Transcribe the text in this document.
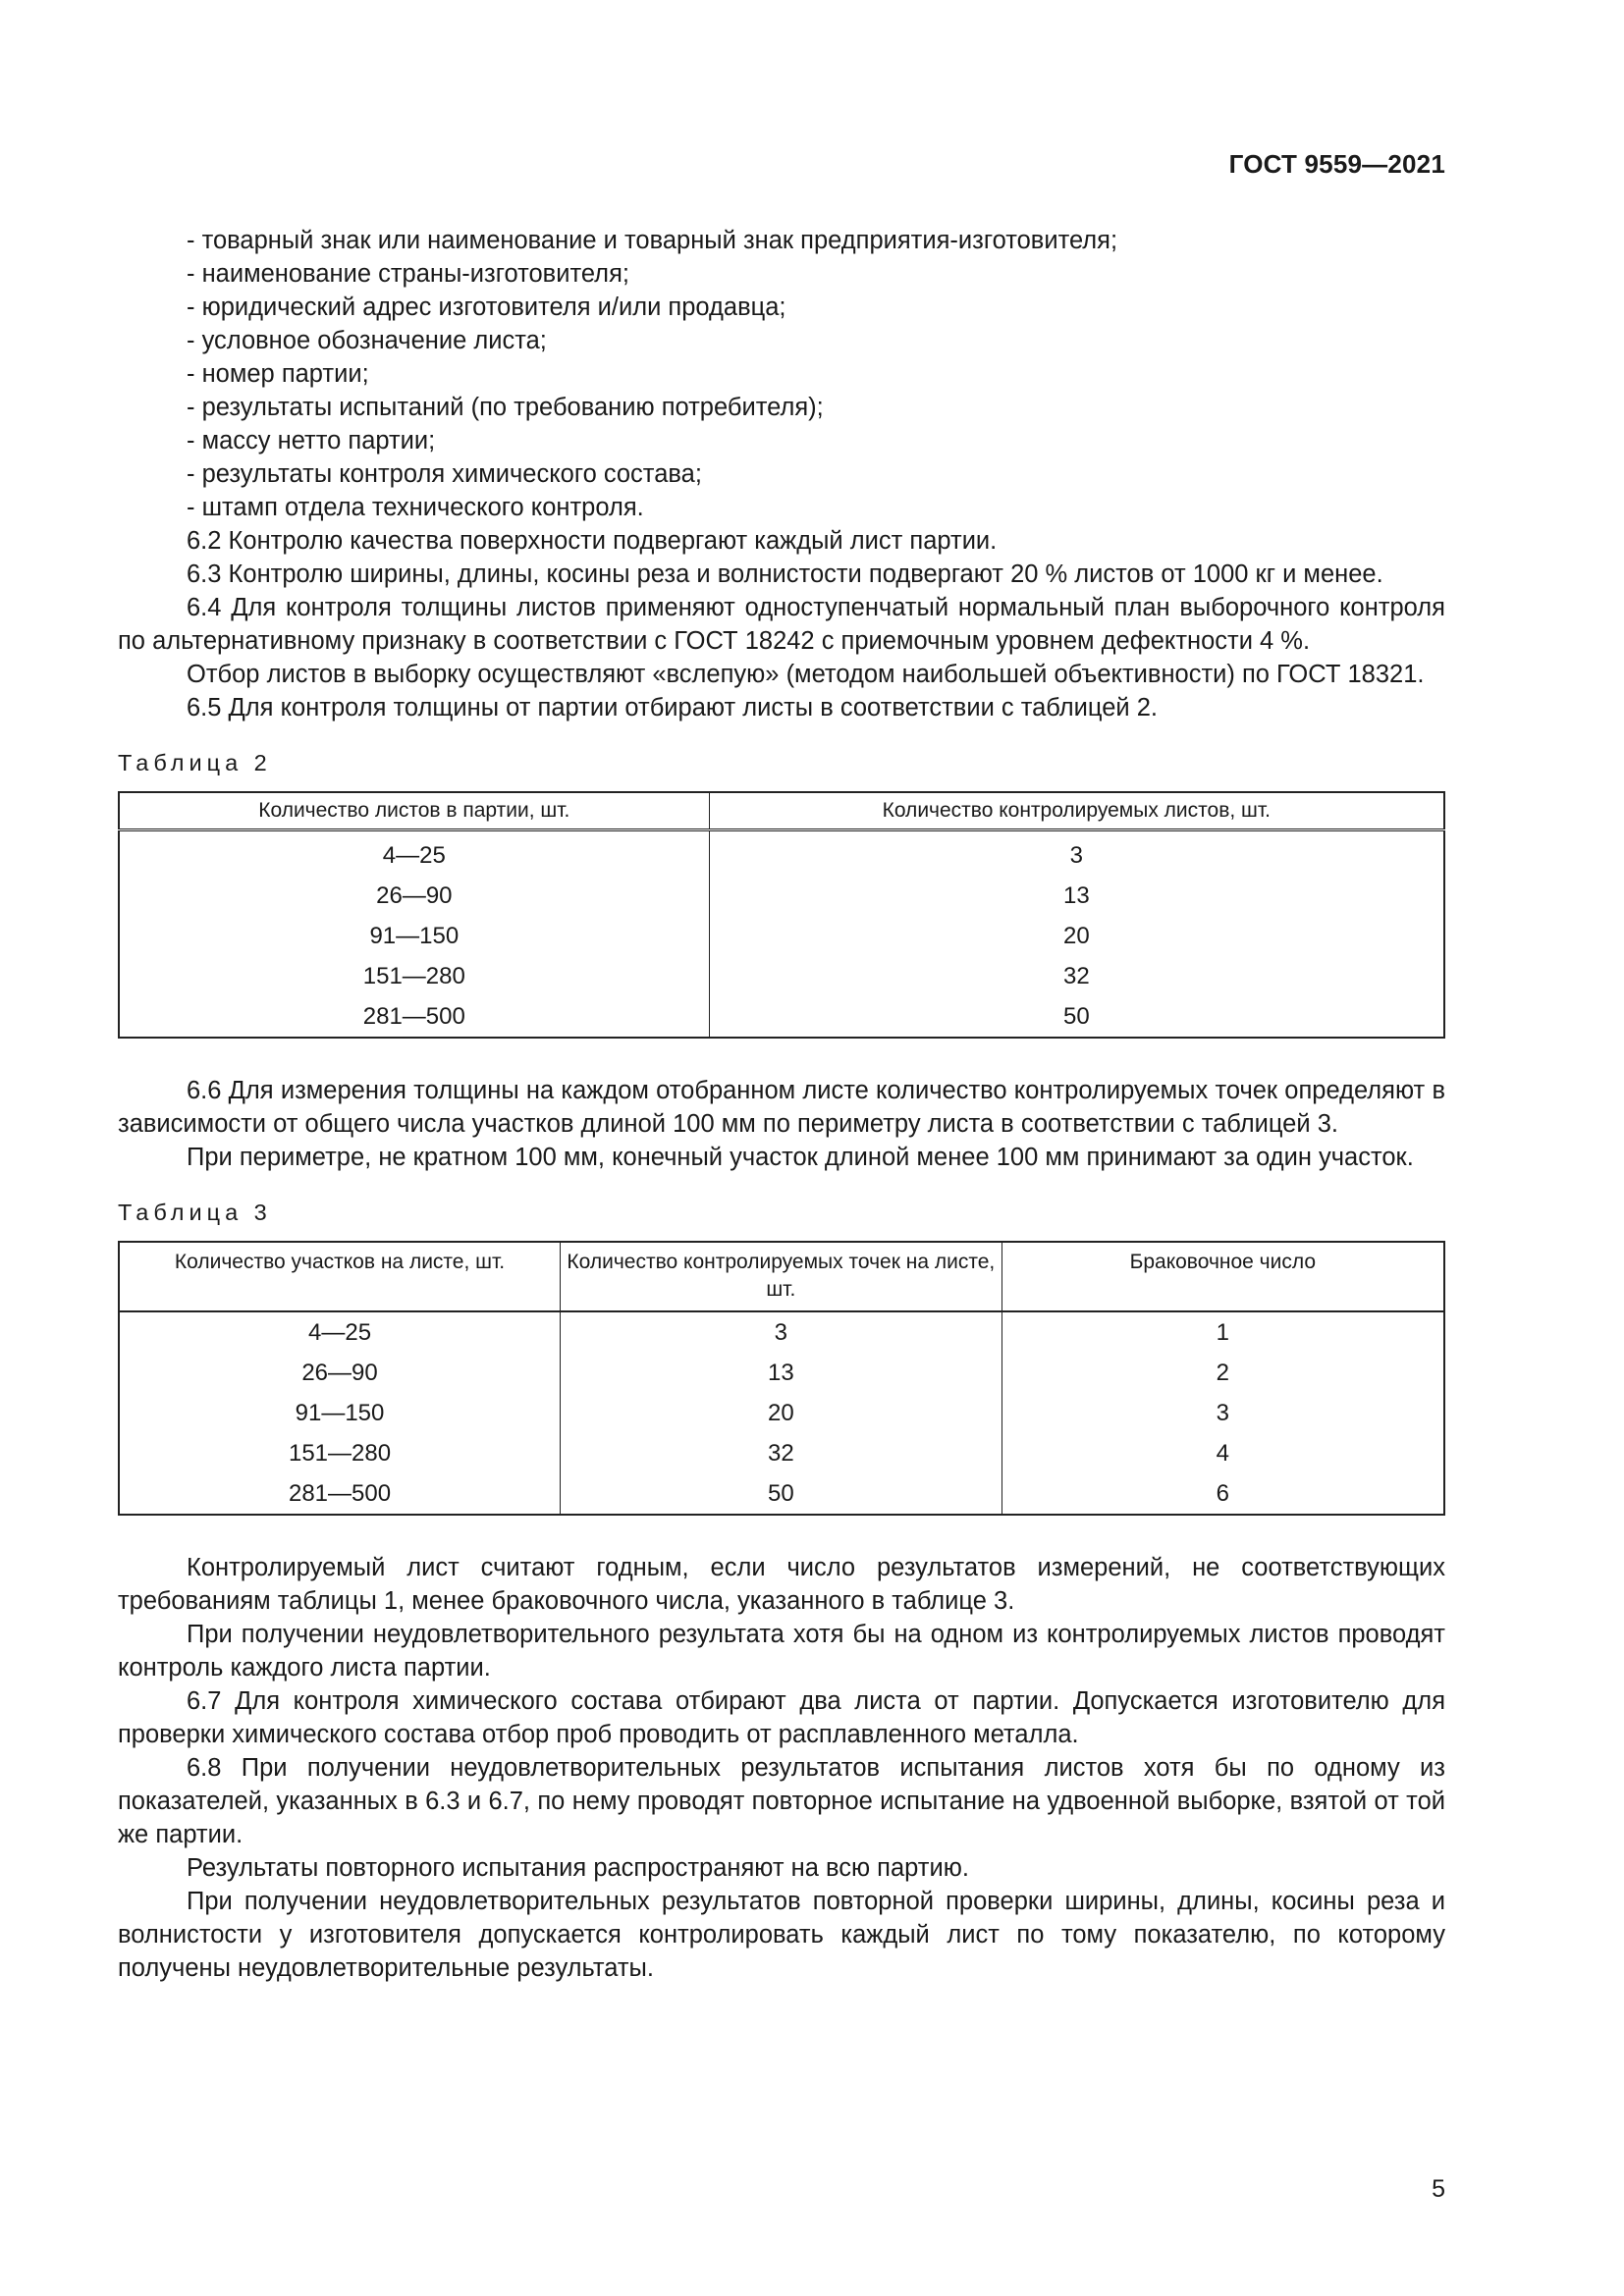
ГОСТ 9559—2021
- товарный знак или наименование и товарный знак предприятия-изготовителя;
- наименование страны-изготовителя;
- юридический адрес изготовителя и/или продавца;
- условное обозначение листа;
- номер партии;
- результаты испытаний (по требованию потребителя);
- массу нетто партии;
- результаты контроля химического состава;
- штамп отдела технического контроля.
6.2 Контролю качества поверхности подвергают каждый лист партии.
6.3 Контролю ширины, длины, косины реза и волнистости подвергают 20 % листов от 1000 кг и менее.
6.4 Для контроля толщины листов применяют одноступенчатый нормальный план выборочного контроля по альтернативному признаку в соответствии с ГОСТ 18242 с приемочным уровнем дефектности 4 %.
Отбор листов в выборку осуществляют «вслепую» (методом наибольшей объективности) по ГОСТ 18321.
6.5 Для контроля толщины от партии отбирают листы в соответствии с таблицей 2.
Таблица 2
Количество листов в партии, шт.	Количество контролируемых листов, шт.
4—25	3
26—90	13
91—150	20
151—280	32
281—500	50
6.6 Для измерения толщины на каждом отобранном листе количество контролируемых точек определяют в зависимости от общего числа участков длиной 100 мм по периметру листа в соответствии с таблицей 3.
При периметре, не кратном 100 мм, конечный участок длиной менее 100 мм принимают за один участок.
Таблица 3
Количество участков на листе, шт.	Количество контролируемых точек на листе, шт.	Браковочное число
4—25	3	1
26—90	13	2
91—150	20	3
151—280	32	4
281—500	50	6
Контролируемый лист считают годным, если число результатов измерений, не соответствующих требованиям таблицы 1, менее браковочного числа, указанного в таблице 3.
При получении неудовлетворительного результата хотя бы на одном из контролируемых листов проводят контроль каждого листа партии.
6.7 Для контроля химического состава отбирают два листа от партии. Допускается изготовителю для проверки химического состава отбор проб проводить от расплавленного металла.
6.8 При получении неудовлетворительных результатов испытания листов хотя бы по одному из показателей, указанных в 6.3 и 6.7, по нему проводят повторное испытание на удвоенной выборке, взятой от той же партии.
Результаты повторного испытания распространяют на всю партию.
При получении неудовлетворительных результатов повторной проверки ширины, длины, косины реза и волнистости у изготовителя допускается контролировать каждый лист по тому показателю, по которому получены неудовлетворительные результаты.
5
